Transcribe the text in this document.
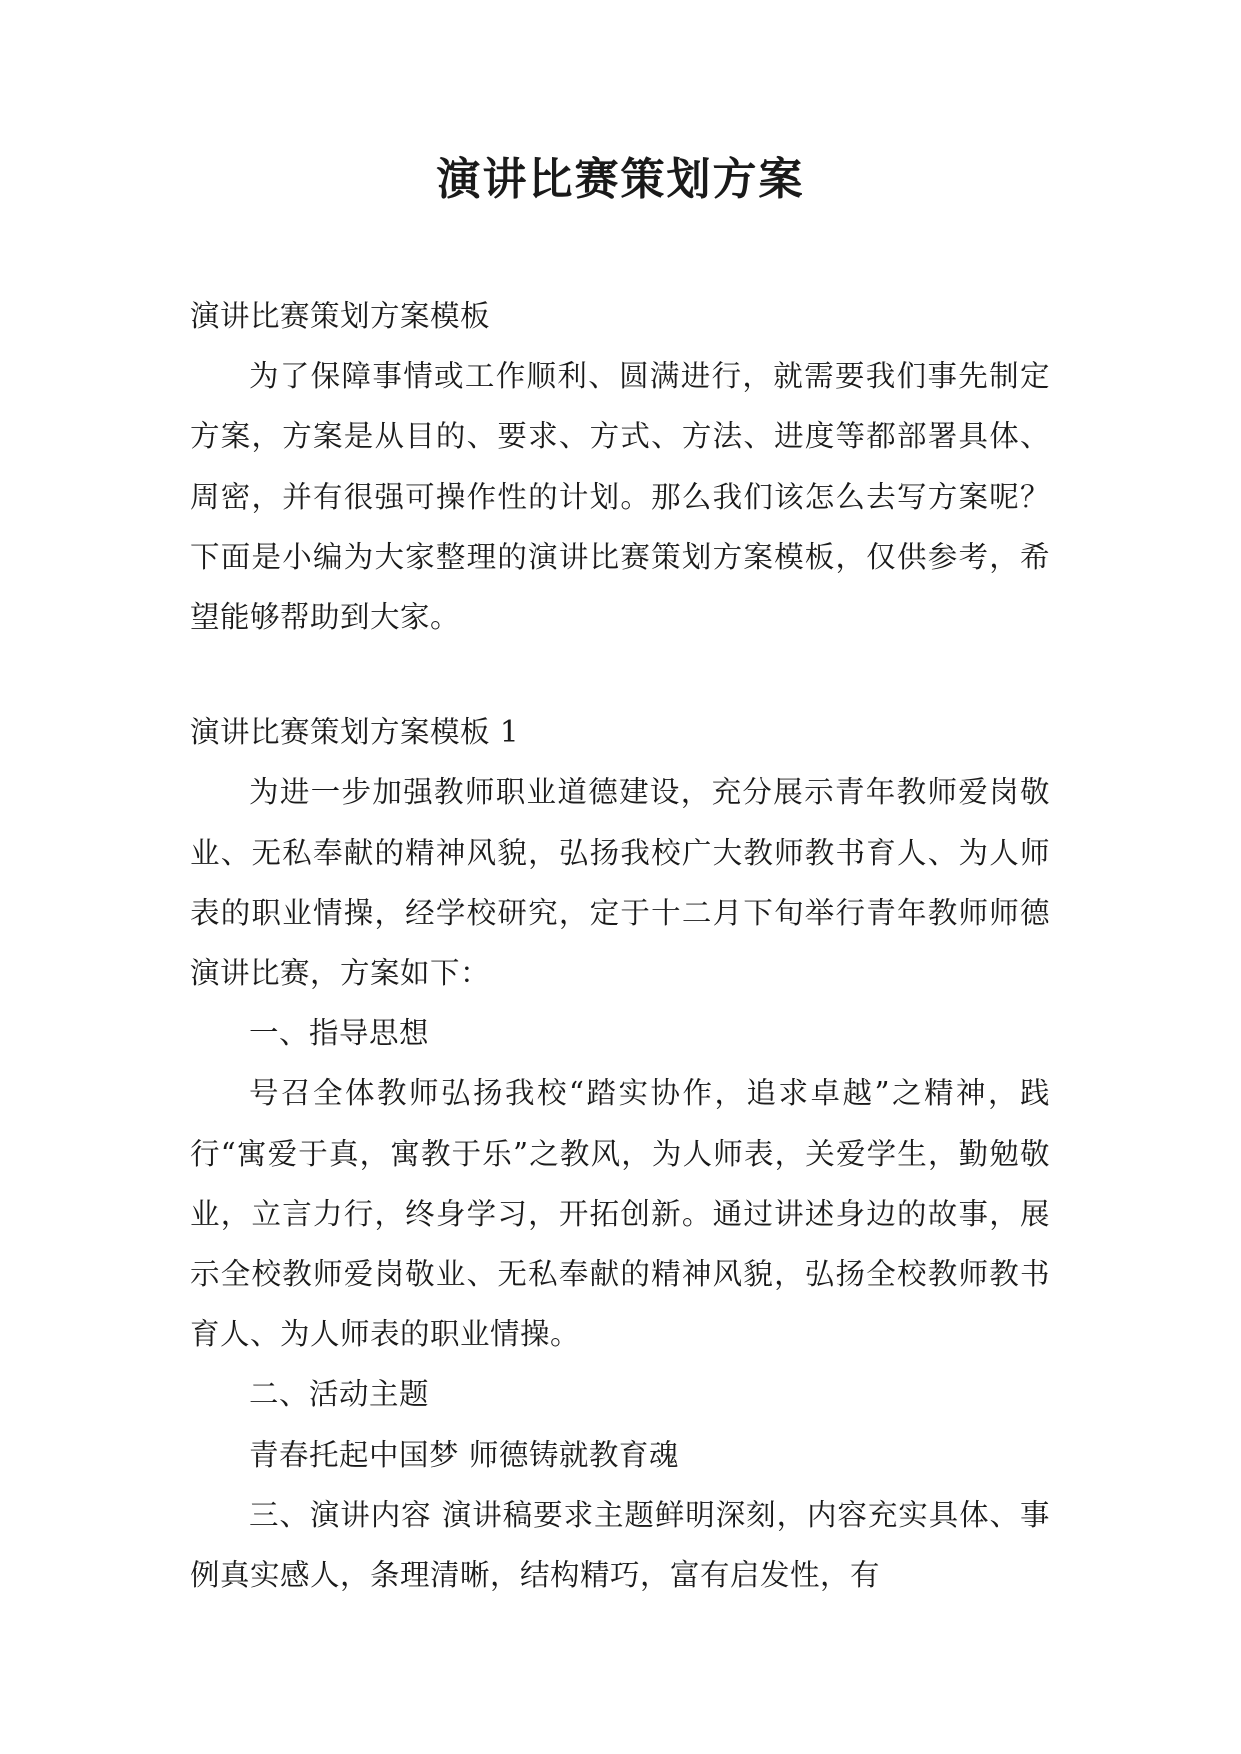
演讲比赛策划方案

演讲比赛策划方案模板

为了保障事情或工作顺利、圆满进行，就需要我们事先制定方案，方案是从目的、要求、方式、方法、进度等都部署具体、周密，并有很强可操作性的计划。那么我们该怎么去写方案呢？下面是小编为大家整理的演讲比赛策划方案模板，仅供参考，希望能够帮助到大家。

演讲比赛策划方案模板 1

为进一步加强教师职业道德建设，充分展示青年教师爱岗敬业、无私奉献的精神风貌，弘扬我校广大教师教书育人、为人师表的职业情操，经学校研究，定于十二月下旬举行青年教师师德演讲比赛，方案如下：

一、指导思想

号召全体教师弘扬我校“踏实协作，追求卓越”之精神，践行“寓爱于真，寓教于乐”之教风，为人师表，关爱学生，勤勉敬业，立言力行，终身学习，开拓创新。通过讲述身边的故事，展示全校教师爱岗敬业、无私奉献的精神风貌，弘扬全校教师教书育人、为人师表的职业情操。

二、活动主题

青春托起中国梦 师德铸就教育魂

三、演讲内容 演讲稿要求主题鲜明深刻，内容充实具体、事例真实感人，条理清晰，结构精巧，富有启发性，有
